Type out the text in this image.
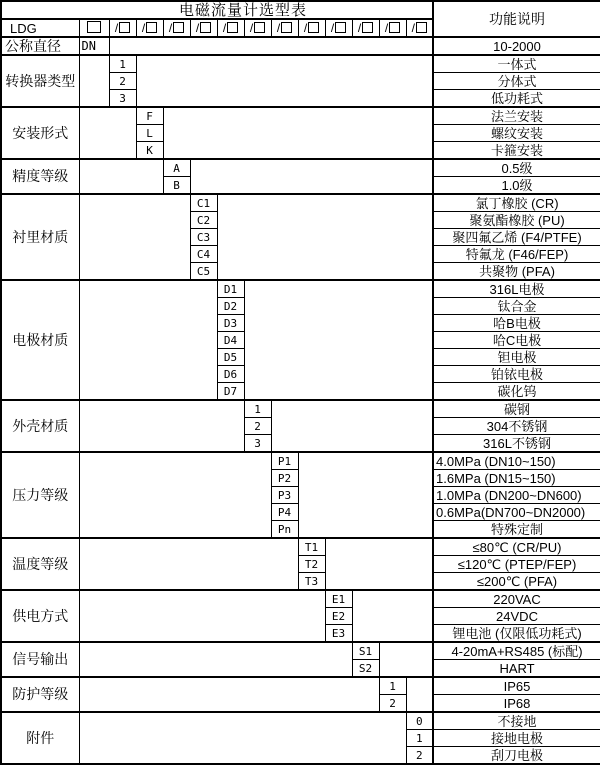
电磁流量计选型表														功能说明
LDG		/	/	/	/	/	/	/	/	/	/	/	/	
公称直径	DN													10-2000
转换器类型		1												一体式
		2												分体式
		3												低功耗式
安装形式			F											法兰安装
			L											螺纹安装
			K											卡箍安装
精度等级				A										0.5级
				B										1.0级
衬里材质					C1									氯丁橡胶 (CR)
					C2									聚氨酯橡胶 (PU)
					C3									聚四氟乙烯 (F4/PTFE)
					C4									特氟龙 (F46/FEP)
					C5									共聚物 (PFA)
电极材质						D1								316L电极
						D2								钛合金
						D3								哈B电极
						D4								哈C电极
						D5								钽电极
						D6								铂铱电极
						D7								碳化钨
外壳材质							1							碳钢
							2							304不锈钢
							3							316L不锈钢
压力等级								P1						4.0MPa (DN10~150)
								P2						1.6MPa (DN15~150)
								P3						1.0MPa (DN200~DN600)
								P4						0.6MPa(DN700~DN2000)
								Pn						特殊定制
温度等级									T1					≤80℃ (CR/PU)
									T2					≤120℃ (PTEP/FEP)
									T3					≤200℃ (PFA)
供电方式										E1				220VAC
										E2				24VDC
										E3				锂电池 (仅限低功耗式)
信号输出											S1			4-20mA+RS485 (标配)
											S2			HART
防护等级												1		IP65
												2		IP68
附件													0	不接地
													1	接地电极
													2	刮刀电极
